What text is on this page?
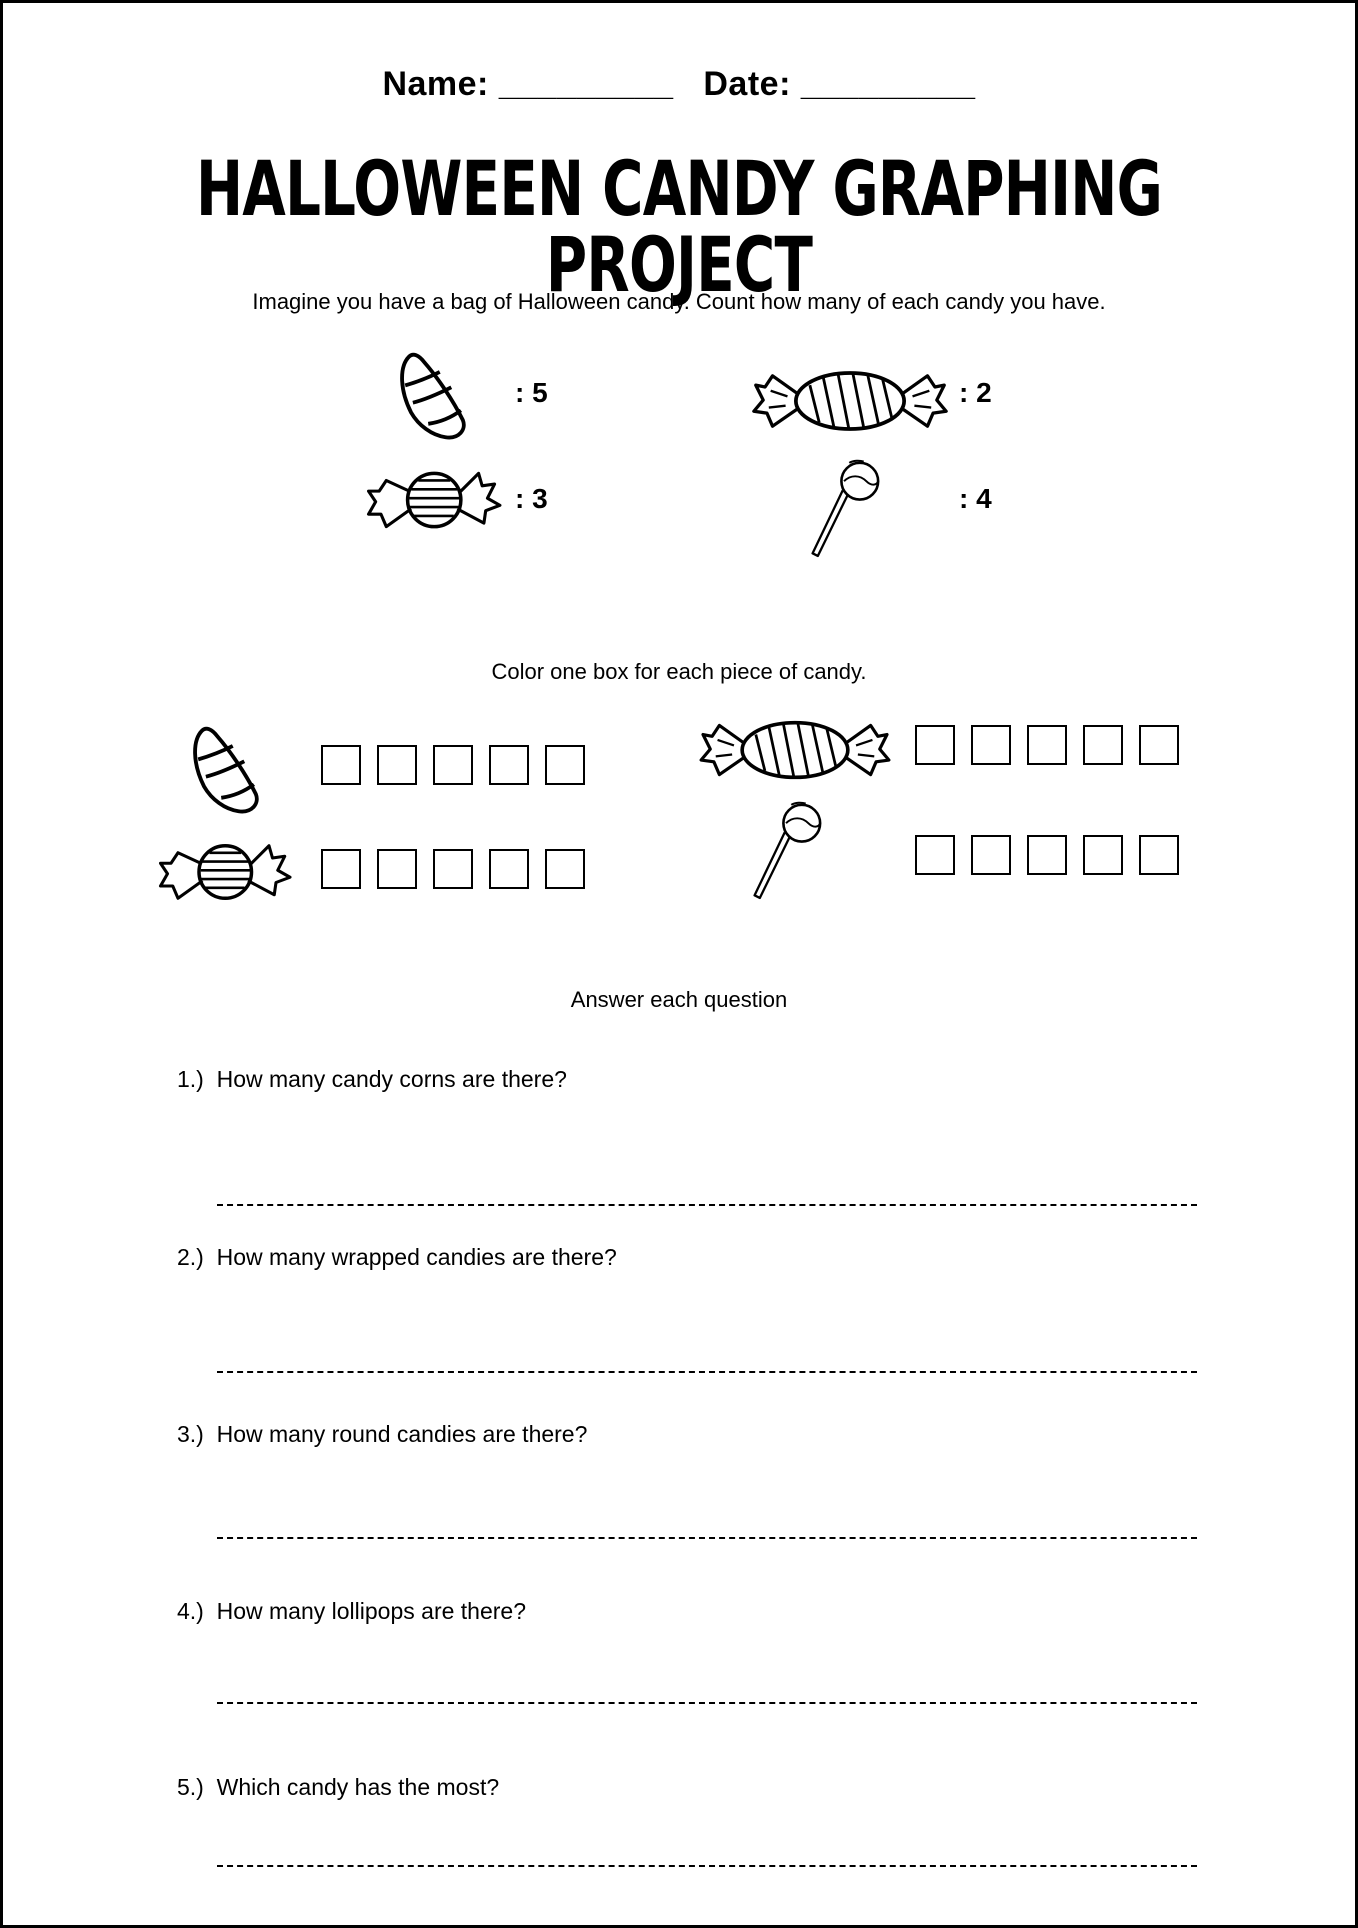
Name: _________ Date: _________
HALLOWEEN CANDY GRAPHING PROJECT
Imagine you have a bag of Halloween candy. Count how many of each candy you have.
: 5	: 2
: 3	: 4
Color one box for each piece of candy.
Answer each question
1.) How many candy corns are there?
2.) How many wrapped candies are there?
3.) How many round candies are there?
4.) How many lollipops are there?
5.) Which candy has the most?
